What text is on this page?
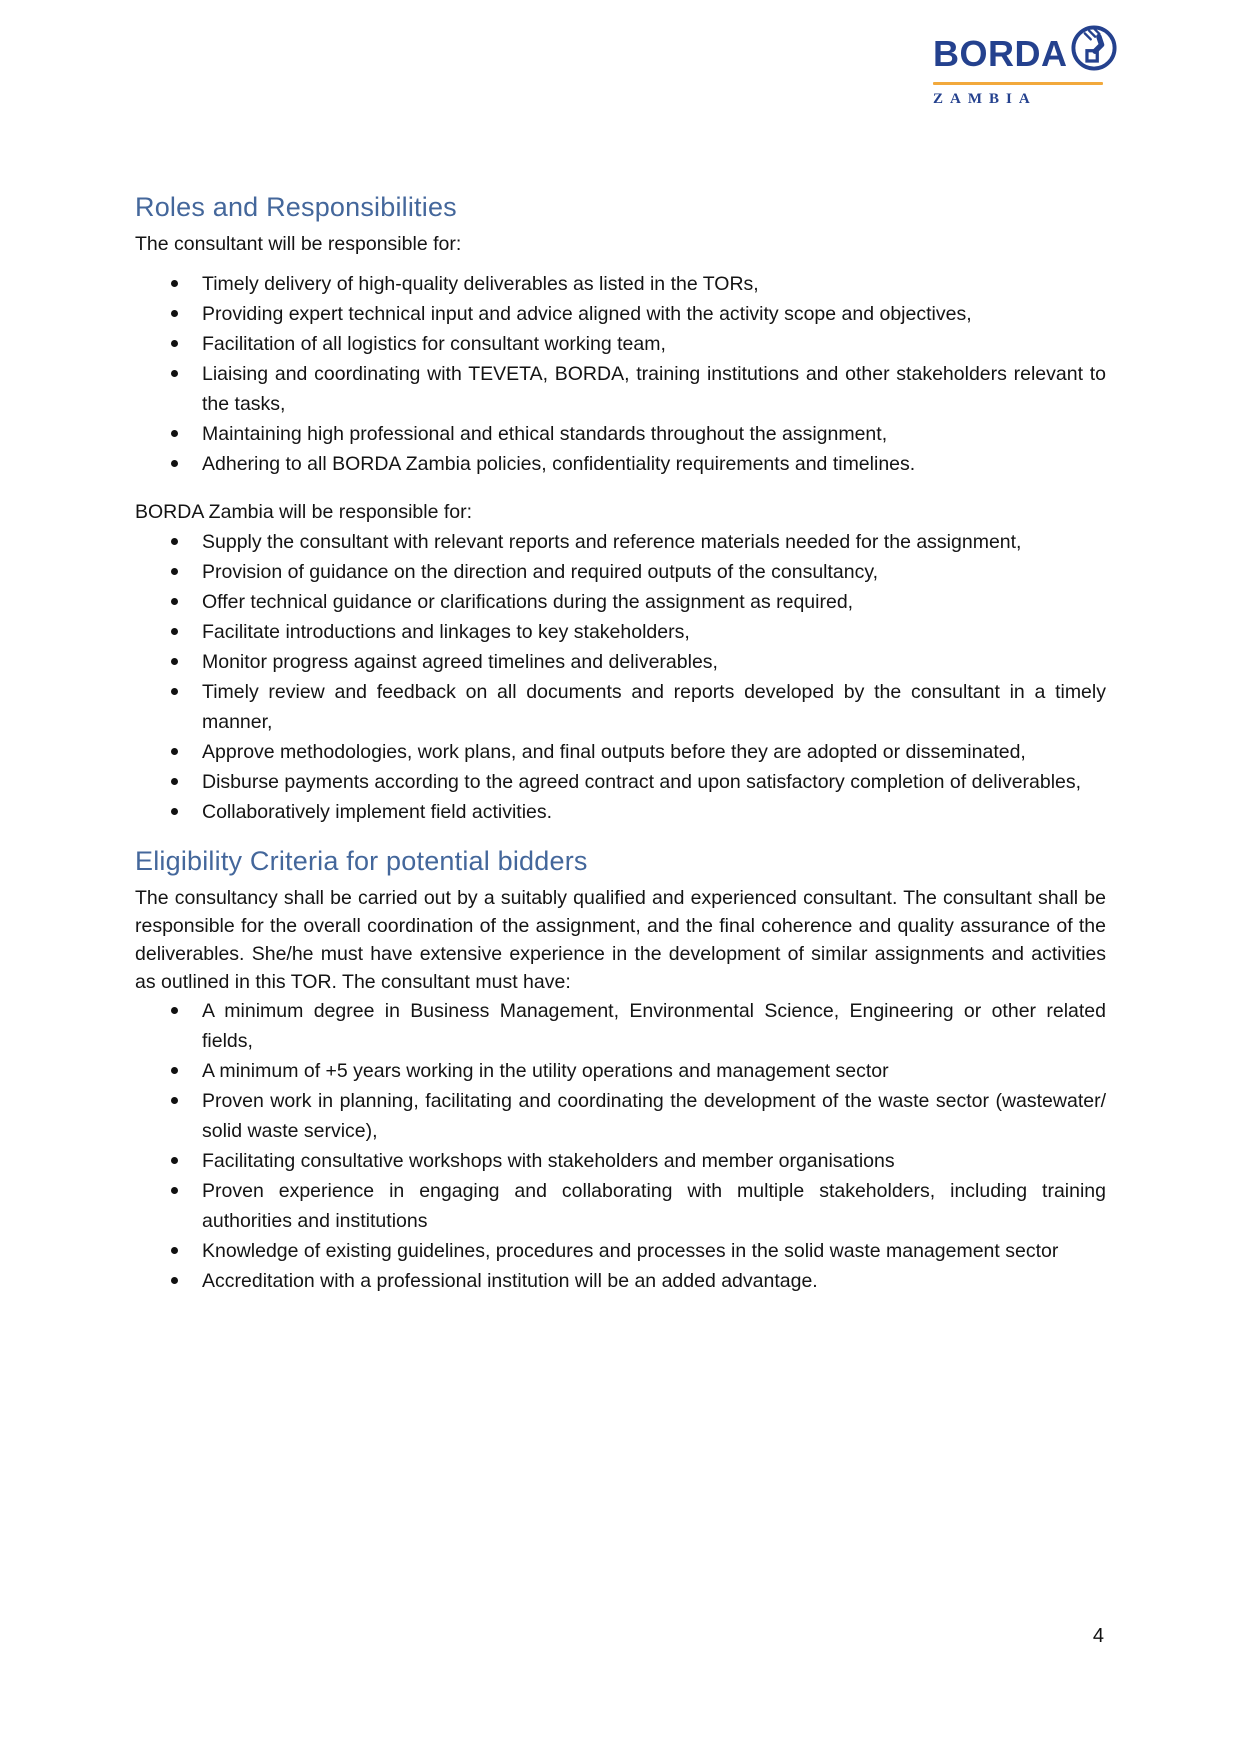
BORDA
ZAMBIA
Roles and Responsibilities

The consultant will be responsible for:

Timely delivery of high-quality deliverables as listed in the TORs,
Providing expert technical input and advice aligned with the activity scope and objectives,
Facilitation of all logistics for consultant working team,
Liaising and coordinating with TEVETA, BORDA, training institutions and other stakeholders relevant to the tasks,
Maintaining high professional and ethical standards throughout the assignment,
Adhering to all BORDA Zambia policies, confidentiality requirements and timelines.

BORDA Zambia will be responsible for:

Supply the consultant with relevant reports and reference materials needed for the assignment,
Provision of guidance on the direction and required outputs of the consultancy,
Offer technical guidance or clarifications during the assignment as required,
Facilitate introductions and linkages to key stakeholders,
Monitor progress against agreed timelines and deliverables,
Timely review and feedback on all documents and reports developed by the consultant in a timely manner,
Approve methodologies, work plans, and final outputs before they are adopted or disseminated,
Disburse payments according to the agreed contract and upon satisfactory completion of deliverables,
Collaboratively implement field activities.
Eligibility Criteria for potential bidders

The consultancy shall be carried out by a suitably qualified and experienced consultant. The consultant shall be responsible for the overall coordination of the assignment, and the final coherence and quality assurance of the deliverables. She/he must have extensive experience in the development of similar assignments and activities as outlined in this TOR. The consultant must have:

A minimum degree in Business Management, Environmental Science, Engineering or other related fields,
A minimum of +5 years working in the utility operations and management sector
Proven work in planning, facilitating and coordinating the development of the waste sector (wastewater/ solid waste service),
Facilitating consultative workshops with stakeholders and member organisations
Proven experience in engaging and collaborating with multiple stakeholders, including training authorities and institutions
Knowledge of existing guidelines, procedures and processes in the solid waste management sector
Accreditation with a professional institution will be an added advantage.
4
